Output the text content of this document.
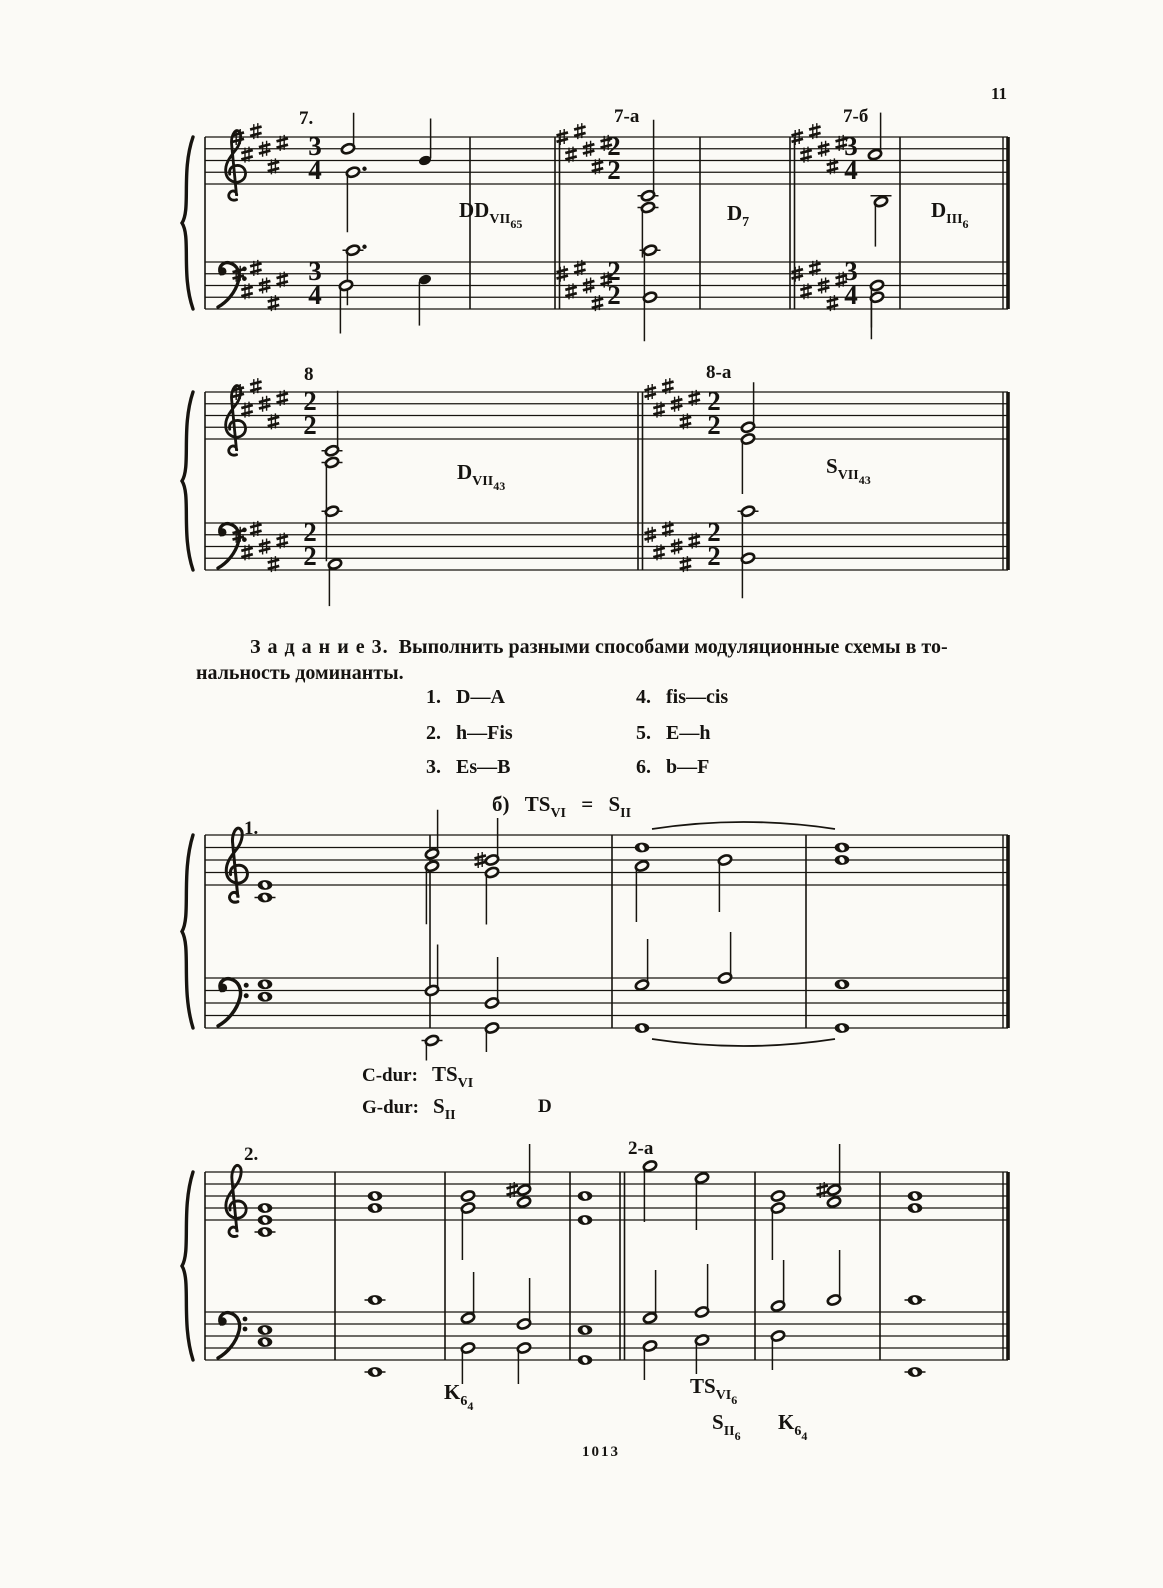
11
7.	7-а	7-б
3
4
3
4
2
2
2
2
3
4
3
4
$DD_{VII65}$	$D_7$
$D_{III6}$
8	8-а
2
2
2
2
2
2
2
2
$D_{VII43}$
$S_{VII43}$
З а д а н и е 3. Выполнить разными способами модуляционные схемы в то-
нальность доминанты.
1. D—A
2. h—Fis
3. Es—B
4. fis—cis
5. E—h
6. b—F
б) $TS_{VI} = S_{II}$
1.
C-dur: $TS_{VI}$
G-dur: $S_{II}$	D
2.	2-а
$K_{64}$
$TS_{VI6}$
$S_{II6}$
$K_{64}$
1013
